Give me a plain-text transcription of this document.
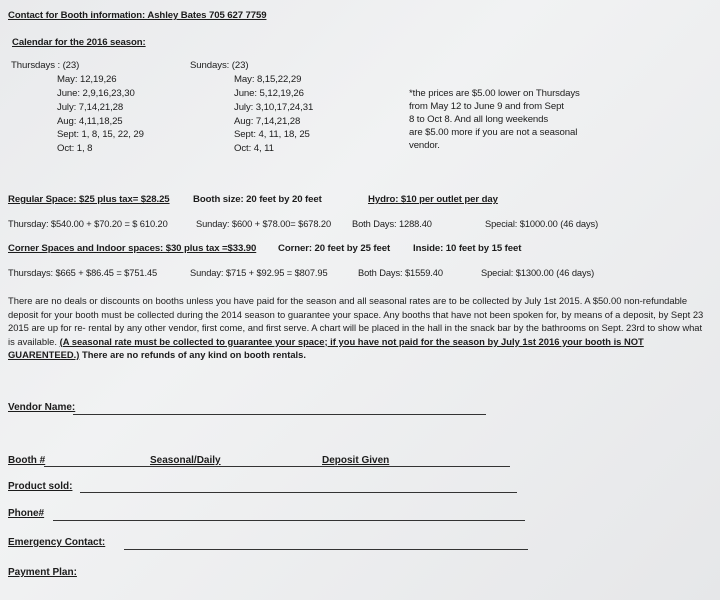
Contact for Booth information: Ashley Bates 705 627 7759
Calendar for the 2016 season:
Thursdays : (23)
May: 12,19,26
June: 2,9,16,23,30
July: 7,14,21,28
Aug: 4,11,18,25
Sept: 1, 8, 15, 22, 29
Oct: 1, 8
Sundays: (23)
May: 8,15,22,29
June: 5,12,19,26
July: 3,10,17,24,31
Aug: 7,14,21,28
Sept: 4, 11, 18, 25
Oct: 4, 11
*the prices are $5.00 lower on Thursdays
from May 12 to June 9 and from Sept
8 to Oct 8. And all long weekends
are $5.00 more if you are not a seasonal
vendor.
Regular Space: $25 plus tax= $28.25 Booth size: 20 feet by 20 feet	Hydro: $10 per outlet per day
Thursday: $540.00 + $70.20 = $ 610.20	Sunday: $600 + $78.00= $678.20 Both Days: 1288.40	Special: $1000.00 (46 days)
Corner Spaces and Indoor spaces: $30 plus tax =$33.90 Corner: 20 feet by 25 feet Inside: 10 feet by 15 feet
Thursdays: $665 + $86.45 = $751.45	Sunday: $715 + $92.95 = $807.95	Both Days: $1559.40	Special: $1300.00 (46 days)
There are no deals or discounts on booths unless you have paid for the season and all seasonal rates are to be collected by July 1st 2015. A $50.00 non-refundable deposit for your booth must be collected during the 2014 season to guarantee your space. Any booths that have not been spoken for, by means of a deposit, by Sept 23 2015 are up for re- rental by any other vendor, first come, and first serve. A chart will be placed in the hall in the snack bar by the bathrooms on Sept. 23rd to show what is available. (A seasonal rate must be collected to guarantee your space; if you have not paid for the season by July 1st 2016 your booth is NOT GUARENTEED.) There are no refunds of any kind on booth rentals.
Vendor Name:
Booth #	Seasonal/Daily	Deposit Given
Product sold:
Phone#
Emergency Contact:
Payment Plan:
